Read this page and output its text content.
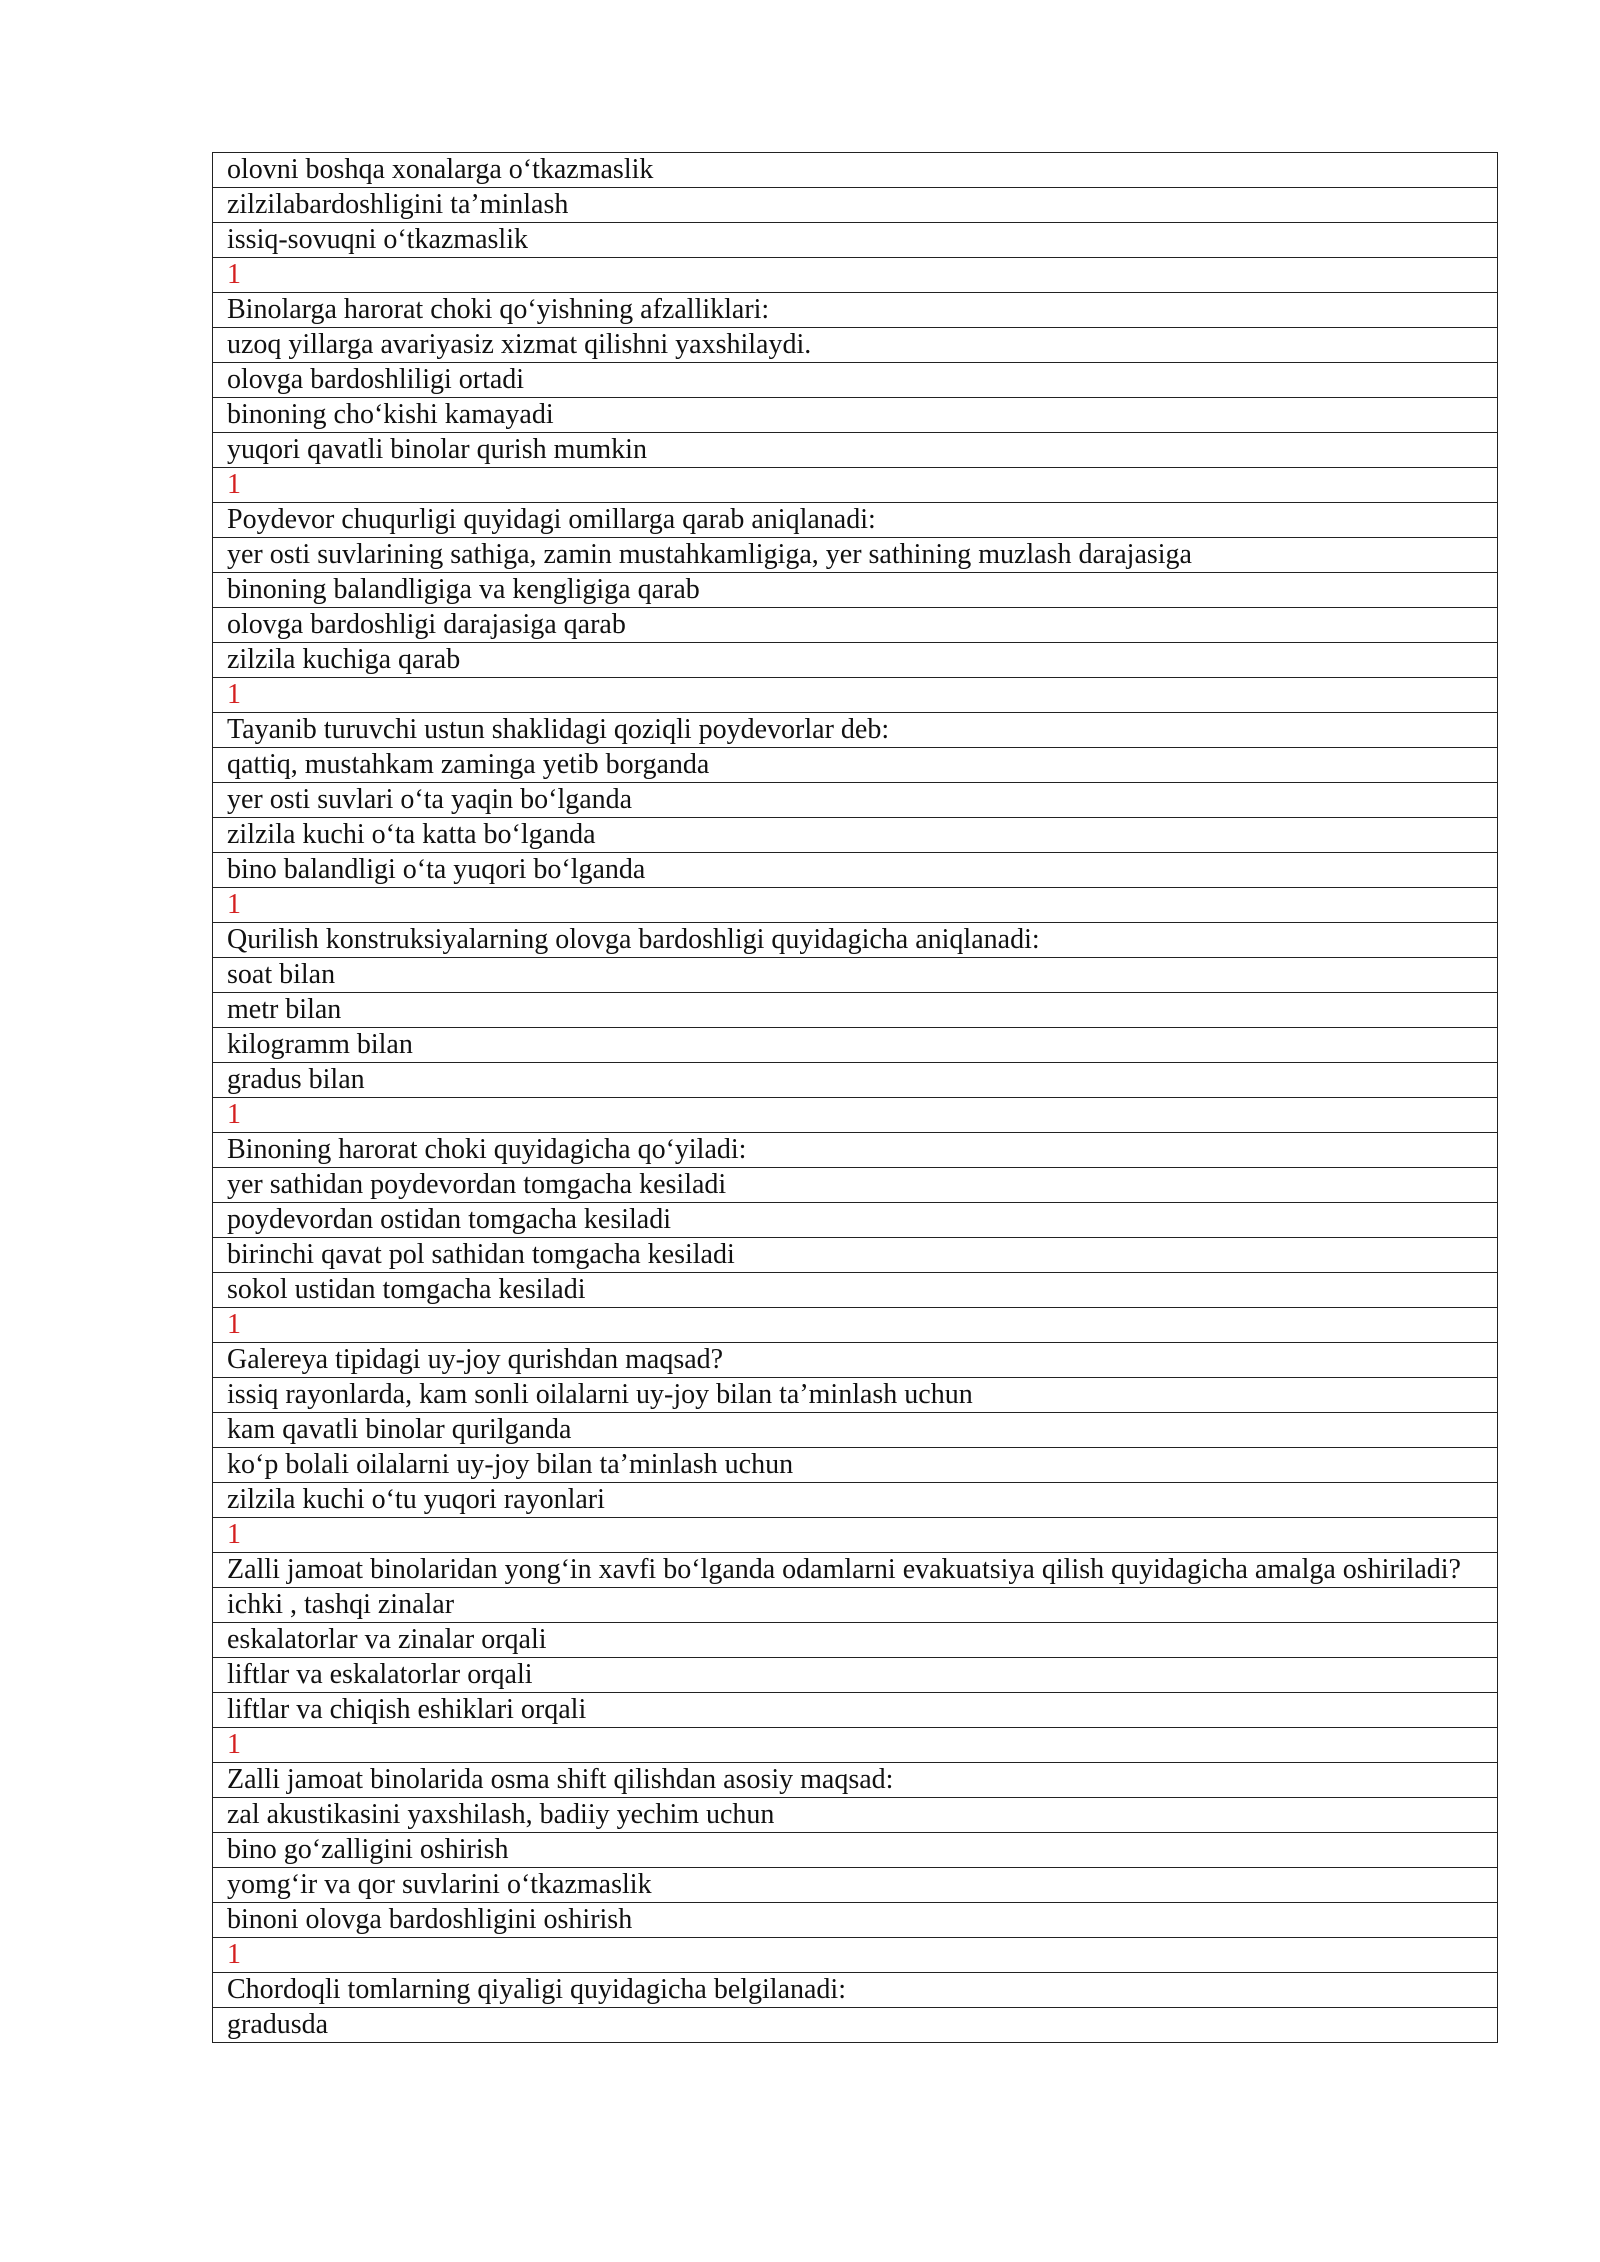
olovni boshqa xonalarga o‘tkazmaslik
zilzilabardoshligini ta’minlash
issiq-sovuqni o‘tkazmaslik
1
Binolarga harorat choki qo‘yishning afzalliklari:
uzoq yillarga avariyasiz xizmat qilishni yaxshilaydi.
olovga bardoshliligi ortadi
binoning cho‘kishi kamayadi
yuqori qavatli binolar qurish mumkin
1
Poydevor chuqurligi quyidagi omillarga qarab aniqlanadi:
yer osti suvlarining sathiga, zamin mustahkamligiga, yer sathining muzlash darajasiga
binoning balandligiga va kengligiga qarab
olovga bardoshligi darajasiga qarab
zilzila kuchiga qarab
1
Tayanib turuvchi ustun shaklidagi qoziqli poydevorlar deb:
qattiq, mustahkam zaminga yetib borganda
yer osti suvlari o‘ta yaqin bo‘lganda
zilzila kuchi o‘ta katta bo‘lganda
bino balandligi o‘ta yuqori bo‘lganda
1
Qurilish konstruksiyalarning olovga bardoshligi quyidagicha aniqlanadi:
soat bilan
metr bilan
kilogramm bilan
gradus bilan
1
Binoning harorat choki quyidagicha qo‘yiladi:
yer sathidan poydevordan tomgacha kesiladi
poydevordan ostidan tomgacha kesiladi
birinchi qavat pol sathidan tomgacha kesiladi
sokol ustidan tomgacha kesiladi
1
Galereya tipidagi uy-joy qurishdan maqsad?
issiq rayonlarda, kam sonli oilalarni uy-joy bilan ta’minlash uchun
kam qavatli binolar qurilganda
ko‘p bolali oilalarni uy-joy bilan ta’minlash uchun
zilzila kuchi o‘tu yuqori rayonlari
1
Zalli jamoat binolaridan yong‘in xavfi bo‘lganda odamlarni evakuatsiya qilish quyidagicha amalga oshiriladi?
ichki , tashqi zinalar
eskalatorlar va zinalar orqali
liftlar va eskalatorlar orqali
liftlar va chiqish eshiklari orqali
1
Zalli jamoat binolarida osma shift qilishdan asosiy maqsad:
zal akustikasini yaxshilash, badiiy yechim uchun
bino go‘zalligini oshirish
yomg‘ir va qor suvlarini o‘tkazmaslik
binoni olovga bardoshligini oshirish
1
Chordoqli tomlarning qiyaligi quyidagicha belgilanadi:
gradusda
